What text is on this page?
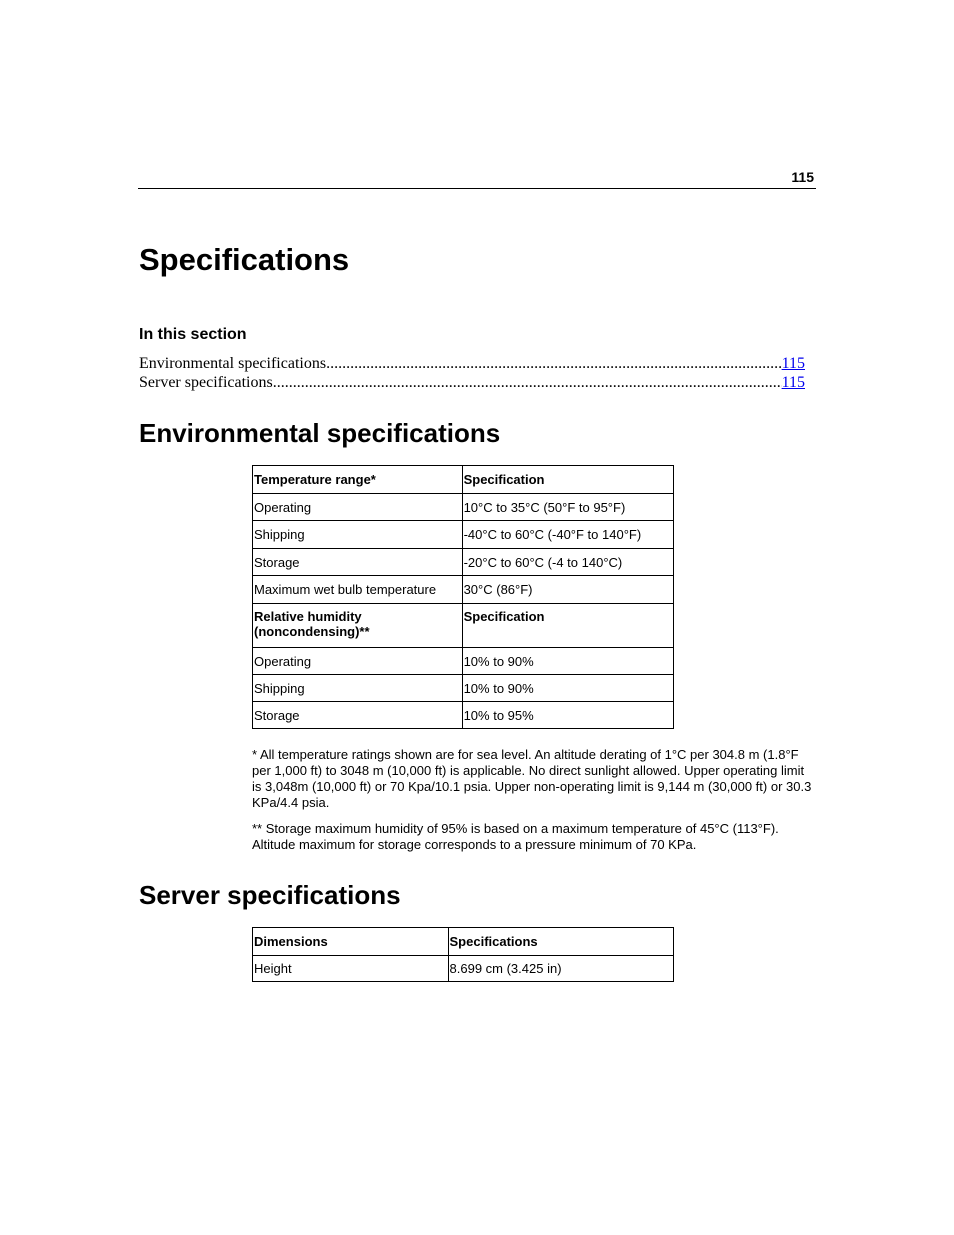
115
Specifications
In this section
Environmental specifications .....	115
Server specifications .....	115
Environmental specifications
Temperature range*	Specification
Operating	10°C to 35°C (50°F to 95°F)
Shipping	-40°C to 60°C (-40°F to 140°F)
Storage	-20°C to 60°C (-4 to 140°C)
Maximum wet bulb temperature	30°C (86°F)
Relative humidity (noncondensing)**	Specification
Operating	10% to 90%
Shipping	10% to 90%
Storage	10% to 95%

* All temperature ratings shown are for sea level. An altitude derating of 1°C per 304.8 m (1.8°F per 1,000 ft) to 3048 m (10,000 ft) is applicable. No direct sunlight allowed. Upper operating limit is 3,048m (10,000 ft) or 70 Kpa/10.1 psia. Upper non-operating limit is 9,144 m (30,000 ft) or 30.3 KPa/4.4 psia.

** Storage maximum humidity of 95% is based on a maximum temperature of 45°C (113°F). Altitude maximum for storage corresponds to a pressure minimum of 70 KPa.

Server specifications
Dimensions	Specifications
Height	8.699 cm (3.425 in)
